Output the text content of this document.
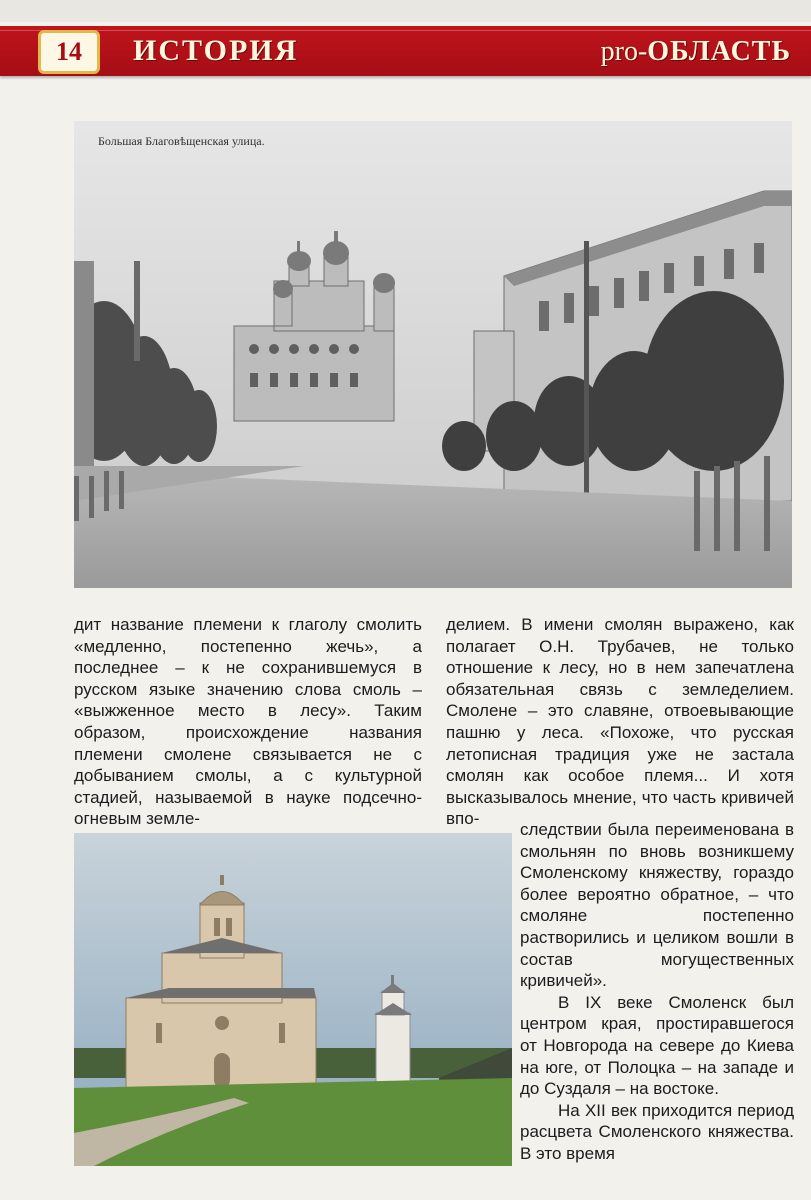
14 ИСТОРИЯ	pro-ОБЛАСТЬ
Большая Благовѣщенская улица.

дит название племени к глаголу смолить «медленно, постепенно жечь», а последнее – к не сохранившемуся в русском языке значению слова смоль – «выжженное место в лесу». Таким образом, происхождение названия племени смолене связывается не с добыванием смолы, а с культурной стадией, называемой в науке подсечно-огневым земле-

делием. В имени смолян выражено, как полагает О.Н. Трубачев, не только отношение к лесу, но в нем запечатлена обязательная связь с земледелием. Смолене – это славяне, отвоевывающие пашню у леса. «Похоже, что русская летописная традиция уже не застала смолян как особое племя... И хотя высказывалось мнение, что часть кривичей впо-

следствии была переименована в смольнян по вновь возникшему Смоленскому княжеству, гораздо более вероятно обратное, – что смоляне постепенно растворились и целиком вошли в состав могущественных кривичей».

В IX веке Смоленск был центром края, простиравшегося от Новгорода на севере до Киева на юге, от Полоцка – на западе и до Суздаля – на востоке.

На XII век приходится период расцвета Смоленского княжества. В это время
